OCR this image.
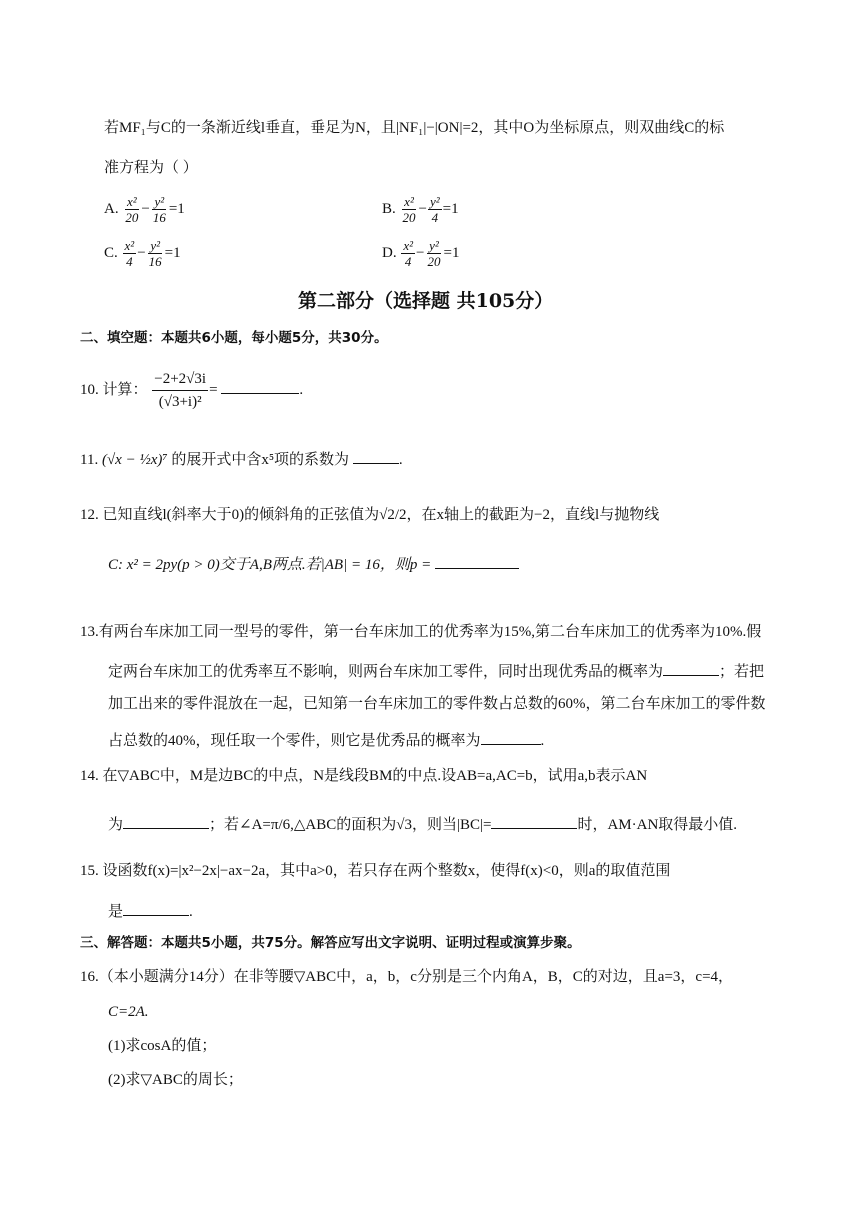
若MF₁与C的一条渐近线l垂直，垂足为N，且|NF₁|−|ON|=2，其中O为坐标原点，则双曲线C的标
准方程为（ ）
A. $\frac{\text{x²}}{20} - \frac{\text{y²}}{16} =1$	B. $\frac{\text{x²}}{20} - \frac{\text{y²}}{4} =1$
C. $\frac{\text{x²}}{4} - \frac{\text{y²}}{16} =1$	D. $\frac{\text{x²}}{4} - \frac{\text{y²}}{20} =1$
第二部分（选择题 共105分）
二、填空题：本题共6小题，每小题5分，共30分。
10. 计算： $\frac{-2+2√3i}{\text{(√3+i)²}}$ =	.
11. (√x − ½x)⁷ 的展开式中含x⁵项的系数为	.
12. 已知直线l(斜率大于0)的倾斜角的正弦值为√2/2，在x轴上的截距为−2，直线l与抛物线
C: x² = 2py(p > 0)交于A,B两点.若|AB| = 16，则p =
13.有两台车床加工同一型号的零件，第一台车床加工的优秀率为15%,第二台车床加工的优秀率为10%.假
定两台车床加工的优秀率互不影响，则两台车床加工零件，同时出现优秀品的概率为	；若把
加工出来的零件混放在一起，已知第一台车床加工的零件数占总数的60%，第二台车床加工的零件数
占总数的40%，现任取一个零件，则它是优秀品的概率为	.
14. 在▽ABC中，M是边BC的中点，N是线段BM的中点.设AB=a,AC=b，试用a,b表示AN
为	；若∠A=π/6,△ABC的面积为√3，则当|BC|=	时，AM·AN取得最小值.
15. 设函数f(x)=|x²−2x|−ax−2a，其中a>0，若只存在两个整数x，使得f(x)<0，则a的取值范围
是	.
三、解答题：本题共5小题，共75分。解答应写出文字说明、证明过程或演算步聚。
16.（本小题满分14分）在非等腰▽ABC中，a，b，c分别是三个内角A，B，C的对边，且a=3，c=4，
C=2A.
(1)求cosA的值；
(2)求▽ABC的周长；
